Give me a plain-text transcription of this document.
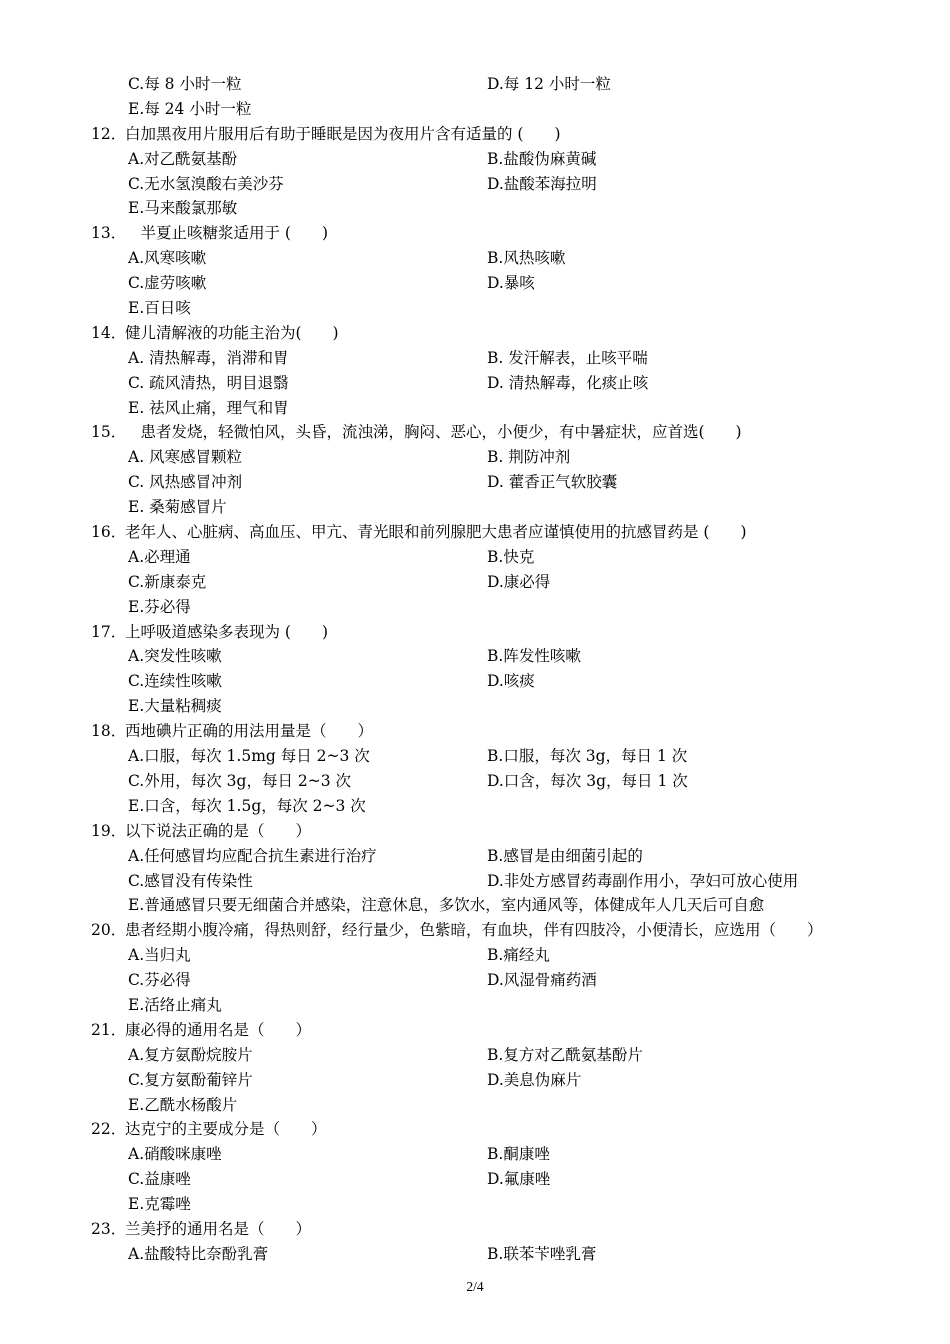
C.每 8 小时一粒	D.每 12 小时一粒
E.每 24 小时一粒
12．
白加黑夜用片服用后有助于睡眠是因为夜用片含有适量的 (　　)
A.对乙酰氨基酚	B.盐酸伪麻黄碱
C.无水氢溴酸右美沙芬	D.盐酸苯海拉明
E.马来酸氯那敏
13．
　半夏止咳糖浆适用于 (　　)
A.风寒咳嗽	B.风热咳嗽
C.虚劳咳嗽	D.暴咳
E.百日咳
14．
健儿清解液的功能主治为(　　)
A. 清热解毒，消滞和胃	B. 发汗解表，止咳平喘
C. 疏风清热，明目退翳	D. 清热解毒，化痰止咳
E. 祛风止痛，理气和胃
15．
　患者发烧，轻微怕风，头昏，流浊涕，胸闷、恶心，小便少，有中暑症状，应首选(　　)
A. 风寒感冒颗粒	B. 荆防冲剂
C. 风热感冒冲剂	D. 藿香正气软胶囊
E. 桑菊感冒片
16．
老年人、心脏病、高血压、甲亢、青光眼和前列腺肥大患者应谨慎使用的抗感冒药是 (　　)
A.必理通	B.快克
C.新康泰克	D.康必得
E.芬必得
17．
上呼吸道感染多表现为 (　　)
A.突发性咳嗽	B.阵发性咳嗽
C.连续性咳嗽	D.咳痰
E.大量粘稠痰
18．
西地碘片正确的用法用量是（　　）
A.口服，每次 1.5mg 每日 2~3 次	B.口服，每次 3g，每日 1 次
C.外用，每次 3g，每日 2~3 次	D.口含，每次 3g，每日 1 次
E.口含，每次 1.5g，每次 2~3 次
19．
以下说法正确的是（　　）
A.任何感冒均应配合抗生素进行治疗	B.感冒是由细菌引起的
C.感冒没有传染性	D.非处方感冒药毒副作用小，孕妇可放心使用
E.普通感冒只要无细菌合并感染，注意休息，多饮水，室内通风等，体健成年人几天后可自愈
20．
患者经期小腹冷痛，得热则舒，经行量少，色紫暗，有血块，伴有四肢冷，小便清长，应选用（　　）
A.当归丸	B.痛经丸
C.芬必得	D.风湿骨痛药酒
E.活络止痛丸
21．
康必得的通用名是（　　）
A.复方氨酚烷胺片	B.复方对乙酰氨基酚片
C.复方氨酚葡锌片	D.美息伪麻片
E.乙酰水杨酸片
22．
达克宁的主要成分是（　　）
A.硝酸咪康唑	B.酮康唑
C.益康唑	D.氟康唑
E.克霉唑
23．
兰美抒的通用名是（　　）
A.盐酸特比奈酚乳膏	B.联苯苄唑乳膏
2/4
